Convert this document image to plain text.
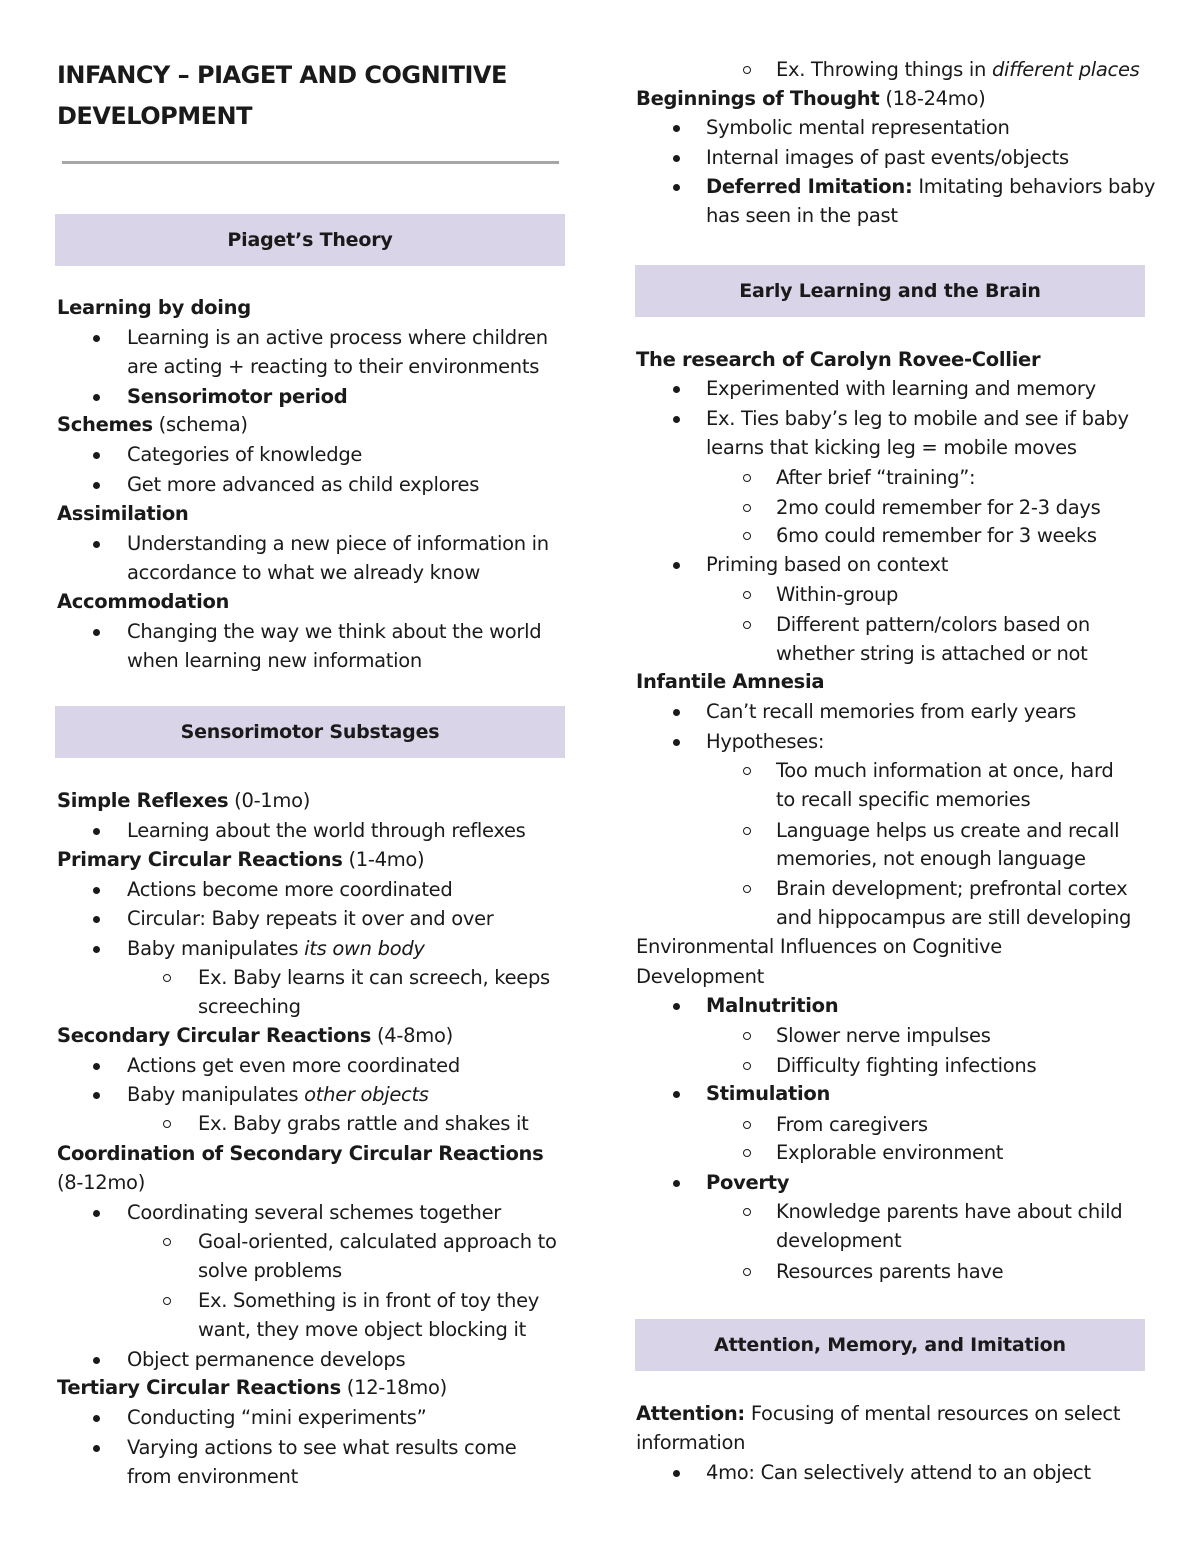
INFANCY – PIAGET AND COGNITIVE DEVELOPMENT
Piaget’s Theory
Learning by doing
Learning is an active process where children
are acting + reacting to their environments
Sensorimotor period
Schemes (schema)
Categories of knowledge
Get more advanced as child explores
Assimilation
Understanding a new piece of information in
accordance to what we already know
Accommodation
Changing the way we think about the world
when learning new information
Sensorimotor Substages
Simple Reflexes (0-1mo)
Learning about the world through reflexes
Primary Circular Reactions (1-4mo)
Actions become more coordinated
Circular: Baby repeats it over and over
Baby manipulates its own body
Ex. Baby learns it can screech, keeps
screeching
Secondary Circular Reactions (4-8mo)
Actions get even more coordinated
Baby manipulates other objects
Ex. Baby grabs rattle and shakes it
Coordination of Secondary Circular Reactions
(8-12mo)
Coordinating several schemes together
Goal-oriented, calculated approach to
solve problems
Ex. Something is in front of toy they
want, they move object blocking it
Object permanence develops
Tertiary Circular Reactions (12-18mo)
Conducting “mini experiments”
Varying actions to see what results come
from environment
Ex. Throwing things in different places
Beginnings of Thought (18-24mo)
Symbolic mental representation
Internal images of past events/objects
Deferred Imitation: Imitating behaviors baby
has seen in the past
Early Learning and the Brain
The research of Carolyn Rovee-Collier
Experimented with learning and memory
Ex. Ties baby’s leg to mobile and see if baby
learns that kicking leg = mobile moves
After brief “training”:
2mo could remember for 2-3 days
6mo could remember for 3 weeks
Priming based on context
Within-group
Different pattern/colors based on
whether string is attached or not
Infantile Amnesia
Can’t recall memories from early years
Hypotheses:
Too much information at once, hard
to recall specific memories
Language helps us create and recall
memories, not enough language
Brain development; prefrontal cortex
and hippocampus are still developing
Environmental Influences on Cognitive
Development
Malnutrition
Slower nerve impulses
Difficulty fighting infections
Stimulation
From caregivers
Explorable environment
Poverty
Knowledge parents have about child
development
Resources parents have
Attention, Memory, and Imitation
Attention: Focusing of mental resources on select
information
4mo: Can selectively attend to an object
